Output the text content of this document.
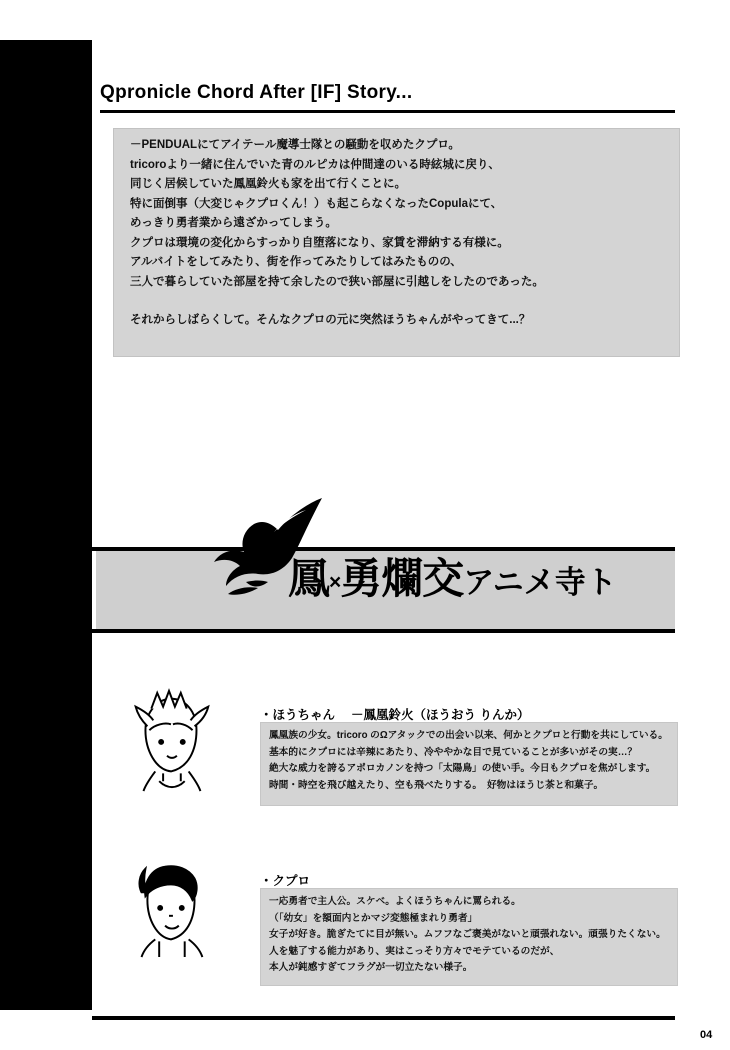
Qpronicle Chord After [IF] Story...

－PENDUALにてアイテール魔導士隊との騒動を収めたクプロ。

tricoroより一緒に住んでいた青のルピカは仲間達のいる時絃城に戻り、

同じく居候していた鳳凰鈴火も家を出て行くことに。

特に面倒事（大変じゃクプロくん！）も起こらなくなったCopulaにて、

めっきり勇者業から遠ざかってしまう。

クプロは環境の変化からすっかり自堕落になり、家賃を滞納する有様に。

アルバイトをしてみたり、街を作ってみたりしてはみたものの、

三人で暮らしていた部屋を持て余したので狭い部屋に引越しをしたのであった。

それからしばらくして。そんなクプロの元に突然ほうちゃんがやってきて...？

鳳×勇爛交アニメ寺ト
・ほうちゃん　 －鳳凰鈴火（ほうおう りんか）

鳳凰族の少女。tricoro のΩアタックでの出会い以来、何かとクプロと行動を共にしている。

基本的にクプロには辛辣にあたり、冷ややかな目で見ていることが多いがその実…？

絶大な威力を誇るアポロカノンを持つ「太陽鳥」の使い手。今日もクプロを焦がします。

時間・時空を飛び越えたり、空も飛べたりする。　好物はほうじ茶と和菓子。

・クプロ

一応勇者で主人公。スケベ。よくほうちゃんに罵られる。

（「幼女」を額面内とかマジ変態極まれり勇者」

女子が好き。脆ぎたてに目が無い。ムフフなご褒美がないと頑張れない。頑張りたくない。

人を魅了する能力があり、実はこっそり方々でモテているのだが、

本人が鈍感すぎてフラグが一切立たない様子。

04
